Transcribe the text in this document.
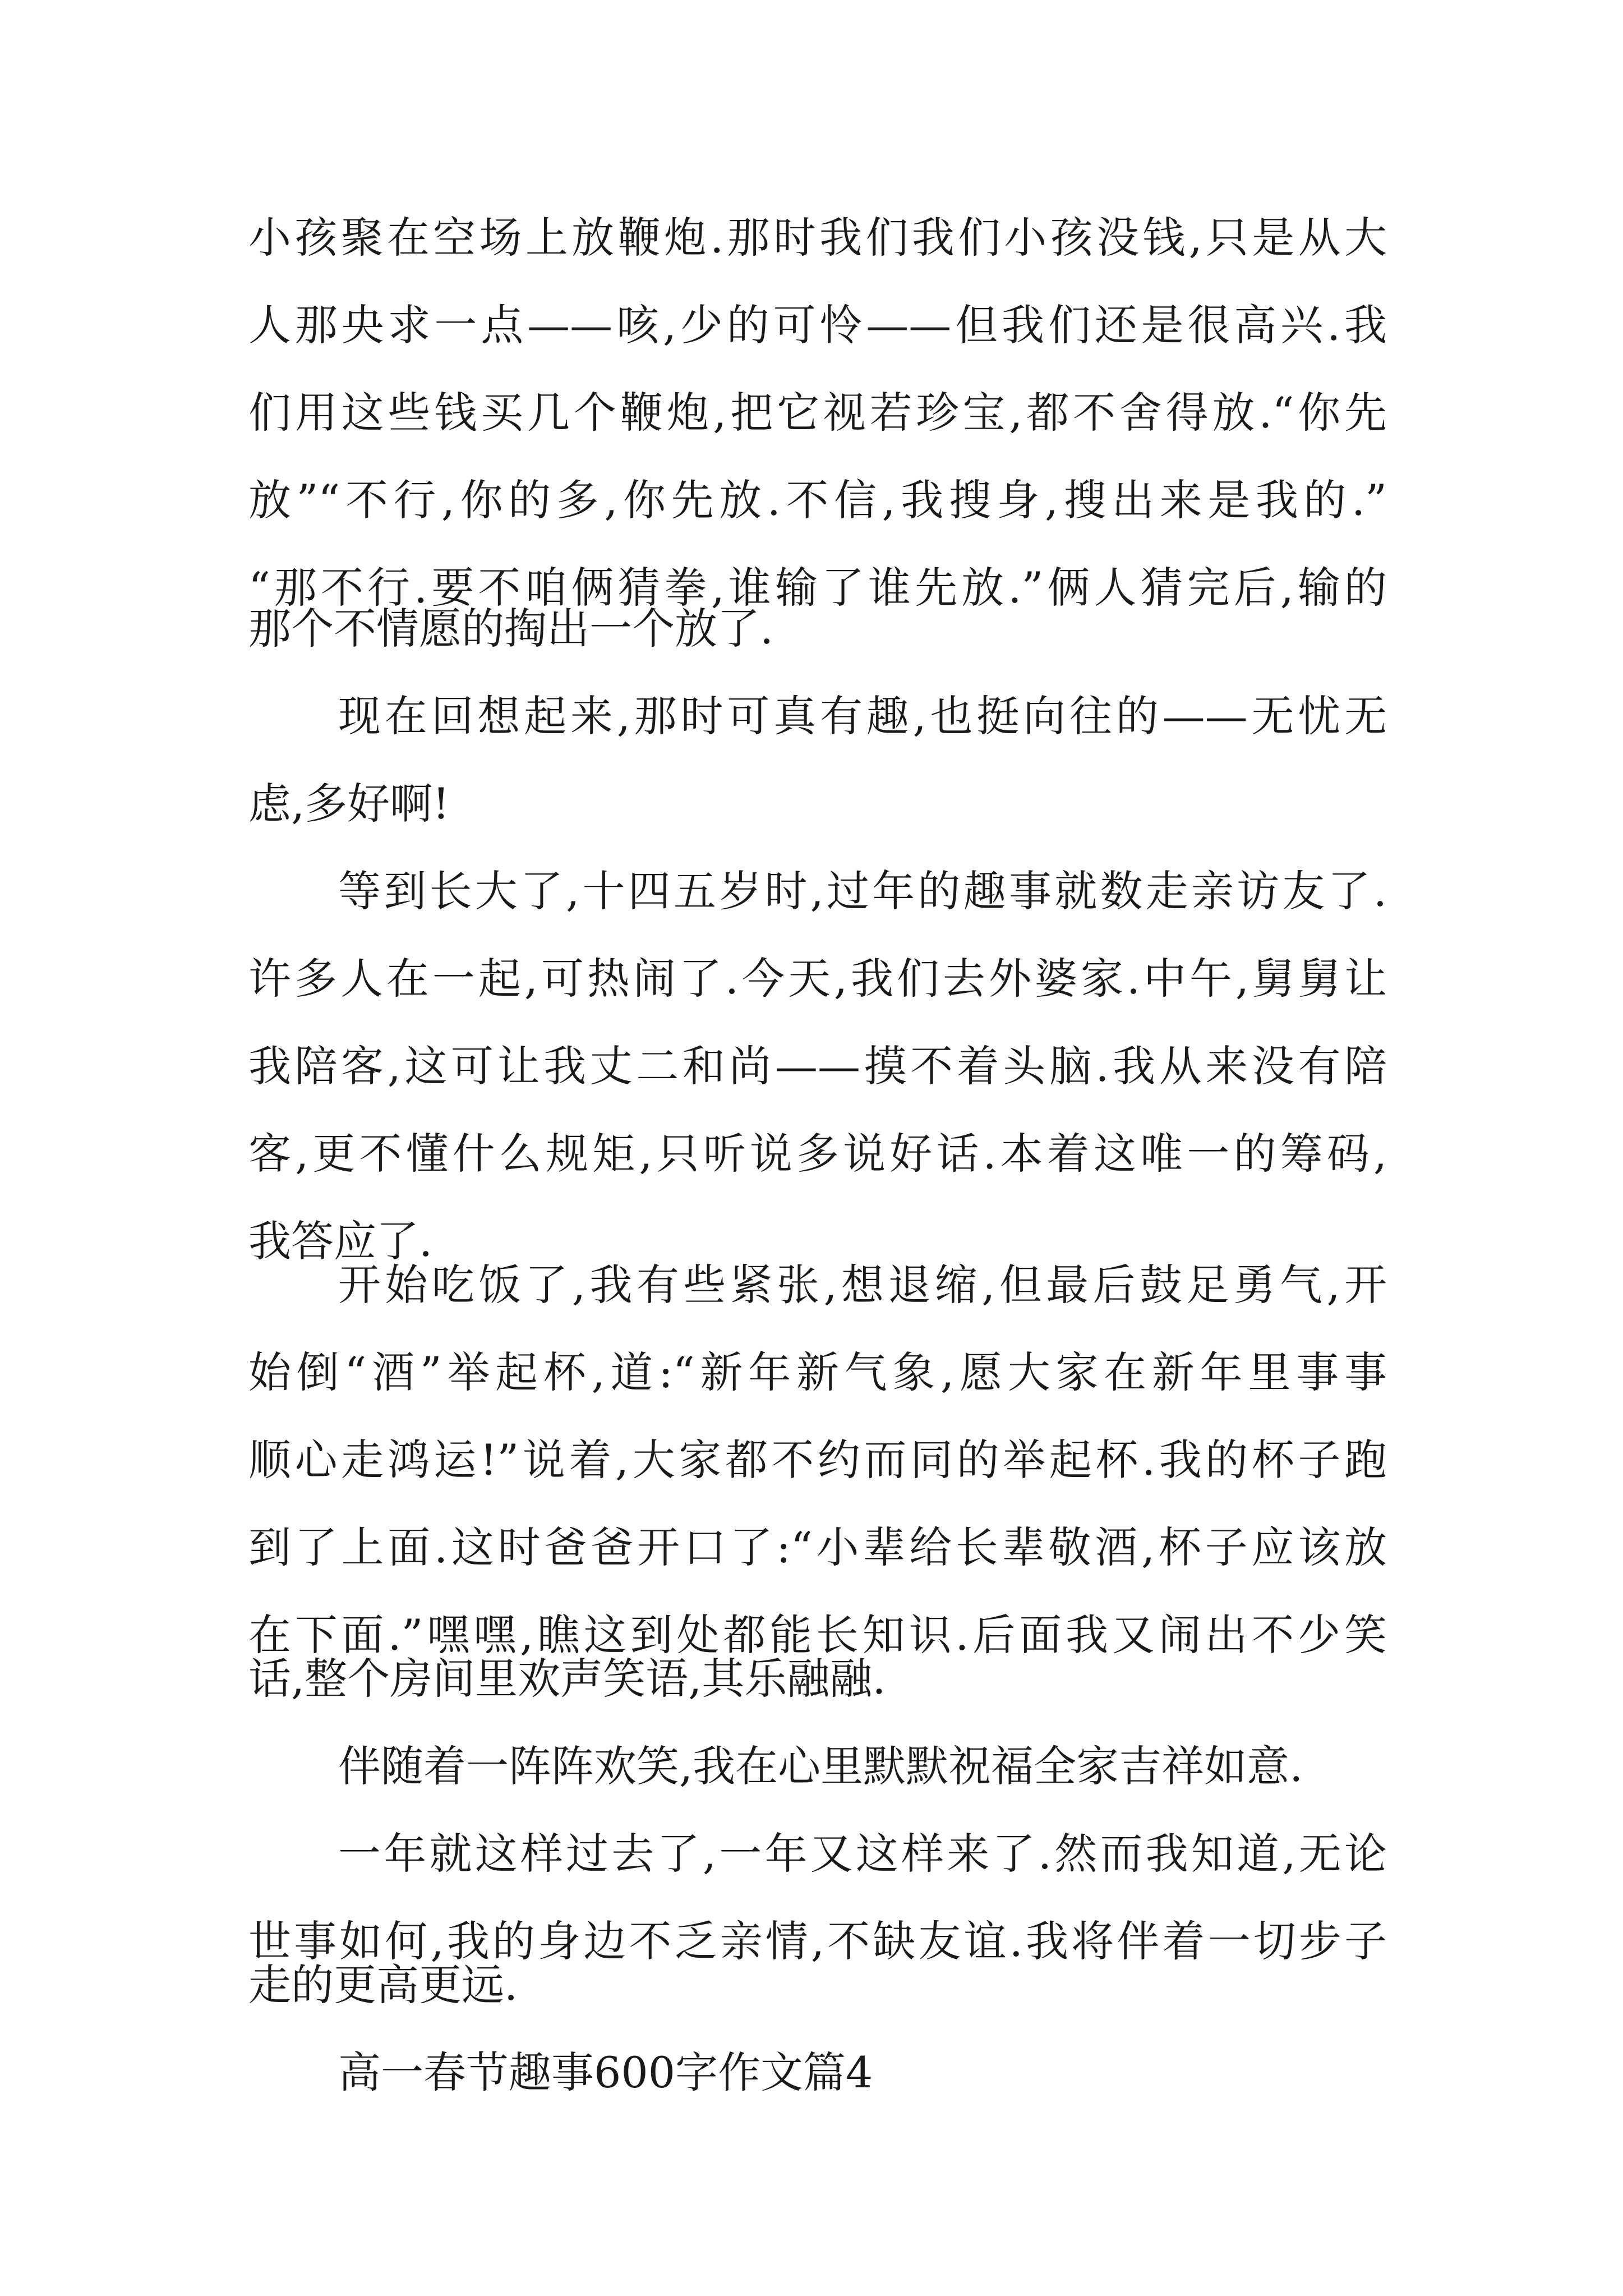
小孩聚在空场上放鞭炮.那时我们我们小孩没钱,只是从大

人那央求一点——咳,少的可怜——但我们还是很高兴.我

们用这些钱买几个鞭炮,把它视若珍宝,都不舍得放.“你先

放”“不行,你的多,你先放.不信,我搜身,搜出来是我的.”

“那不行.要不咱俩猜拳,谁输了谁先放.”俩人猜完后,输的

那个不情愿的掏出一个放了.

现在回想起来,那时可真有趣,也挺向往的——无忧无

虑,多好啊!

等到长大了,十四五岁时,过年的趣事就数走亲访友了.

许多人在一起,可热闹了.今天,我们去外婆家.中午,舅舅让

我陪客,这可让我丈二和尚——摸不着头脑.我从来没有陪

客,更不懂什么规矩,只听说多说好话.本着这唯一的筹码,

我答应了.

开始吃饭了,我有些紧张,想退缩,但最后鼓足勇气,开

始倒“酒”举起杯,道:“新年新气象,愿大家在新年里事事

顺心走鸿运!”说着,大家都不约而同的举起杯.我的杯子跑

到了上面.这时爸爸开口了:“小辈给长辈敬酒,杯子应该放

在下面.”嘿嘿,瞧这到处都能长知识.后面我又闹出不少笑

话,整个房间里欢声笑语,其乐融融.

伴随着一阵阵欢笑,我在心里默默祝福全家吉祥如意.

一年就这样过去了,一年又这样来了.然而我知道,无论

世事如何,我的身边不乏亲情,不缺友谊.我将伴着一切步子

走的更高更远.

高一春节趣事600字作文篇4
